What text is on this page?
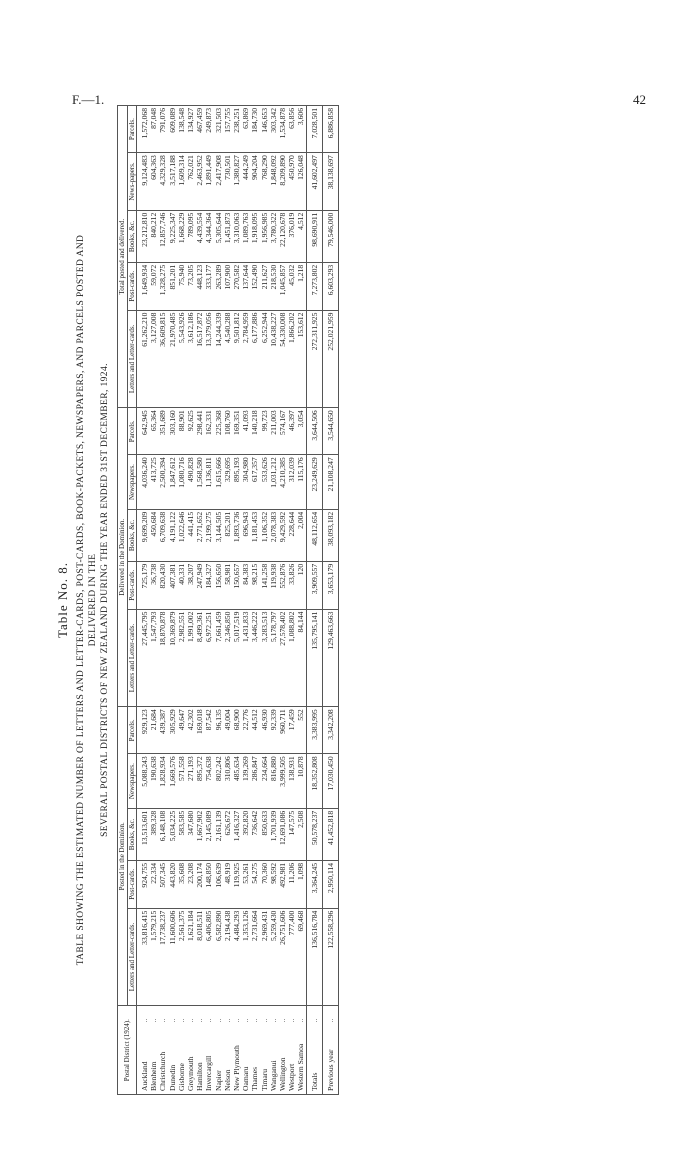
F.—1.	42
Table No. 8. TABLE SHOWING THE ESTIMATED NUMBER OF LETTERS AND LETTER-CARDS, POST-CARDS, BOOK-PACKETS, NEWSPAPERS, AND PARCELS POSTED AND DELIVERED IN THE SEVERAL POSTAL DISTRICTS OF NEW ZEALAND DURING THE YEAR ENDED 31ST DECEMBER, 1924.
Postal District (1924).		Posted in the Dominion.					Delivered in the Dominion.					Total posted and delivered.				
		Letters and Letter-cards.	Post-cards.	Books, &c.	Newspapers.	Parcels.	Letters and Letter-cards.	Post-cards.	Books, &c.	Newspapers.	Parcels.	Letters and Letter-cards.	Post-cards.	Books, &c.	News-papers.	Parcels.
Auckland	..	33,816,415	924,755	13,513,601	5,088,243	929,123	27,445,795	725,179	9,699,209	4,036,240	642,945	61,262,210	1,649,934	23,212,810	9,124,483	1,572,068
Blenheim	..	1,579,215	22,334	389,328	190,638	21,684	1,547,793	36,738	450,684	413,725	65,364	3,127,008	59,072	840,212	604,363	87,048
Christchurch	..	17,738,237	507,345	6,148,108	1,828,934	439,387	18,870,878	820,430	6,709,638	2,500,394	351,689	36,609,815	1,328,275	12,857,746	4,329,328	791,076
Dunedin	..	11,600,606	443,820	5,034,225	1,669,576	305,929	10,369,879	407,381	4,191,122	1,847,612	303,160	21,970,485	851,201	9,225,347	3,517,188	609,089
Gisborne	..	2,561,375	35,608	583,585	571,558	49,647	2,982,551	40,331	1,022,646	1,080,716	88,901	5,543,926	75,940	1,668,229	1,609,314	138,548
Greymouth	..	1,621,184	23,208	347,680	271,193	42,302	1,991,002	38,207	441,415	490,828	92,625	3,612,186	73,205	789,095	762,021	134,927
Hamilton	..	8,018,511	200,174	1,667,902	895,372	169,018	8,499,361	247,949	2,771,652	1,568,580	298,441	16,517,872	448,123	4,439,554	2,463,952	467,459
Invercargill	..	6,406,805	148,850	2,145,089	754,638	87,542	6,972,251	184,327	2,199,275	1,136,811	162,331	13,379,056	333,177	4,344,364	1,891,449	249,873
Napier	..	6,582,890	106,639	2,161,139	802,242	96,135	7,661,459	156,650	3,144,505	1,615,666	225,368	14,244,339	263,289	5,305,644	2,417,908	321,503
Nelson	..	2,194,438	48,919	626,672	310,806	49,004	2,346,850	58,981	825,201	329,695	108,760	4,540,288	107,900	1,451,873	730,501	157,755
New Plymouth	..	4,484,293	119,925	1,416,327	485,634	68,900	5,017,519	150,657	1,893,736	895,193	169,351	9,501,812	270,582	3,310,063	1,380,827	238,251
Oamaru	..	1,353,126	53,261	392,820	139,269	22,776	1,431,833	84,383	696,943	304,980	41,093	2,784,959	137,644	1,089,763	444,249	63,869
Thames	..	2,731,664	54,275	736,642	286,847	44,512	3,446,222	98,215	1,181,453	617,357	140,218	6,177,886	152,490	1,918,095	904,204	184,730
Timaru	..	2,969,431	70,360	850,633	234,664	46,930	3,283,513	141,258	1,106,352	533,626	99,723	6,252,944	211,627	1,956,985	768,290	146,653
Wanganui	..	5,259,430	98,592	1,701,939	816,880	92,339	5,178,797	119,938	2,078,383	1,031,212	211,003	10,438,227	218,530	3,780,322	1,848,092	303,342
Wellington	..	26,751,606	492,981	12,691,086	3,999,505	960,711	27,578,402	552,876	9,429,592	4,210,385	574,167	54,330,008	1,045,857	22,120,678	8,209,890	1,534,878
Westport	..	777,400	11,206	147,575	138,931	17,459	1,088,802	33,826	228,644	312,039	46,397	1,866,202	45,032	376,019	450,970	63,856
Western Samoa	..	69,468	1,098	2,508	10,878	552	84,144	120	2,004	115,176	3,054	153,612	1,218	4,512	126,048	3,606
Totals	..	136,516,784	3,364,245	50,578,237	18,352,808	3,383,995	135,795,141	3,909,557	48,112,654	23,249,629	3,644,506	272,311,925	7,273,802	98,690,911	41,602,497	7,028,501
Previous year	..	122,558,296	2,950,114	41,452,818	17,030,450	3,342,208	129,463,663	3,653,179	38,093,182	21,108,247	3,544,650	252,021,959	6,603,293	79,546,000	38,138,697	6,886,858
